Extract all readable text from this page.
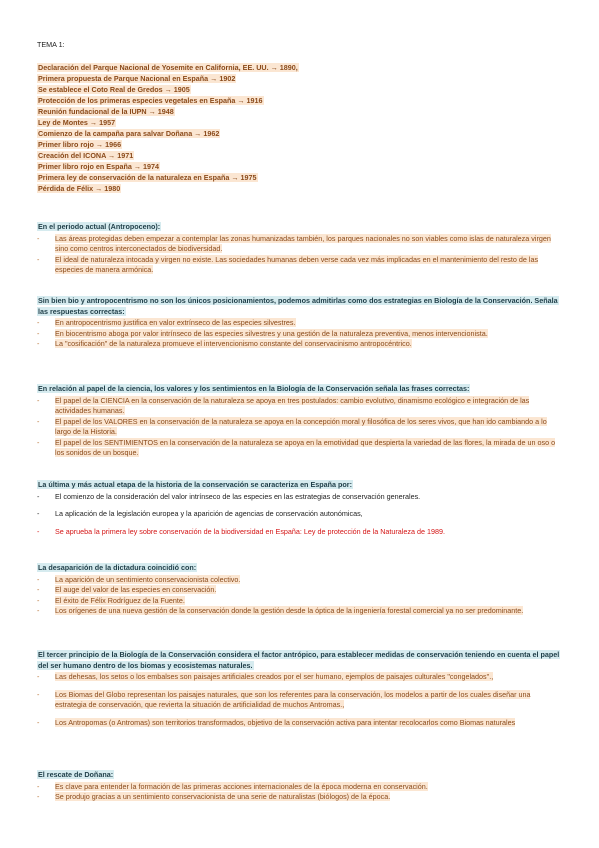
TEMA 1:
Declaración del Parque Nacional de Yosemite en California, EE. UU. → 1890,
Primera propuesta de Parque Nacional en España → 1902
Se establece el Coto Real de Gredos → 1905
Protección de los primeras especies vegetales en España → 1916
Reunión fundacional de la IUPN → 1948
Ley de Montes → 1957
Comienzo de la campaña para salvar Doñana → 1962
Primer libro rojo → 1966
Creación del ICONA → 1971
Primer libro rojo en España → 1974
Primera ley de conservación de la naturaleza en España → 1975
Pérdida de Félix → 1980
En el periodo actual (Antropoceno):
- Las áreas protegidas deben empezar a contemplar las zonas humanizadas también, los parques nacionales no son viables como islas de naturaleza virgen sino como centros interconectados de biodiversidad.
- El ideal de naturaleza intocada y virgen no existe. Las sociedades humanas deben verse cada vez más implicadas en el mantenimiento del resto de las especies de manera armónica.
Sin bien bio y antropocentrismo no son los únicos posicionamientos, podemos admitirlas como dos estrategias en Biología de la Conservación. Señala las respuestas correctas:
- En antropocentrismo justifica en valor extrínseco de las especies silvestres.
- En biocentrismo aboga por valor intrínseco de las especies silvestres y una gestión de la naturaleza preventiva, menos intervencionista.
- La "cosificación" de la naturaleza promueve el intervencionismo constante del conservacinismo antropocéntrico.
En relación al papel de la ciencia, los valores y los sentimientos en la Biología de la Conservación señala las frases correctas:
- El papel de la CIENCIA en la conservación de la naturaleza se apoya en tres postulados: cambio evolutivo, dinamismo ecológico e integración de las actividades humanas.
- El papel de los VALORES en la conservación de la naturaleza se apoya en la concepción moral y filosófica de los seres vivos, que han ido cambiando a lo largo de la Historia.
- El papel de los SENTIMIENTOS en la conservación de la naturaleza se apoya en la emotividad que despierta la variedad de las flores, la mirada de un oso o los sonidos de un bosque.
La última y más actual etapa de la historia de la conservación se caracteriza en España por:
- El comienzo de la consideración del valor intrínseco de las especies en las estrategias de conservación generales.
- La aplicación de la legislación europea y la aparición de agencias de conservación autonómicas,
- Se aprueba la primera ley sobre conservación de la biodiversidad en España: Ley de protección de la Naturaleza de 1989.
La desaparición de la dictadura coincidió con:
- La aparición de un sentimiento conservacionista colectivo.
- El auge del valor de las especies en conservación.
- El éxito de Félix Rodríguez de la Fuente.
- Los orígenes de una nueva gestión de la conservación donde la gestión desde la óptica de la ingeniería forestal comercial ya no ser predominante.
El tercer principio de la Biología de la Conservación considera el factor antrópico, para establecer medidas de conservación teniendo en cuenta el papel del ser humano dentro de los biomas y ecosistemas naturales.
- Las dehesas, los setos o los embalses son paisajes artificiales creados por el ser humano, ejemplos de paisajes culturales "congelados".,
- Los Biomas del Globo representan los paisajes naturales, que son los referentes para la conservación, los modelos a partir de los cuales diseñar una estrategia de conservación, que revierta la situación de artificialidad de muchos Antromas.,
- Los Antropomas (o Antromas) son territorios transformados, objetivo de la conservación activa para intentar recolocarlos como Biomas naturales
El rescate de Doñana:
- Es clave para entender la formación de las primeras acciones internacionales de la época moderna en conservación.
- Se produjo gracias a un sentimiento conservacionista de una serie de naturalistas (biólogos) de la época.
